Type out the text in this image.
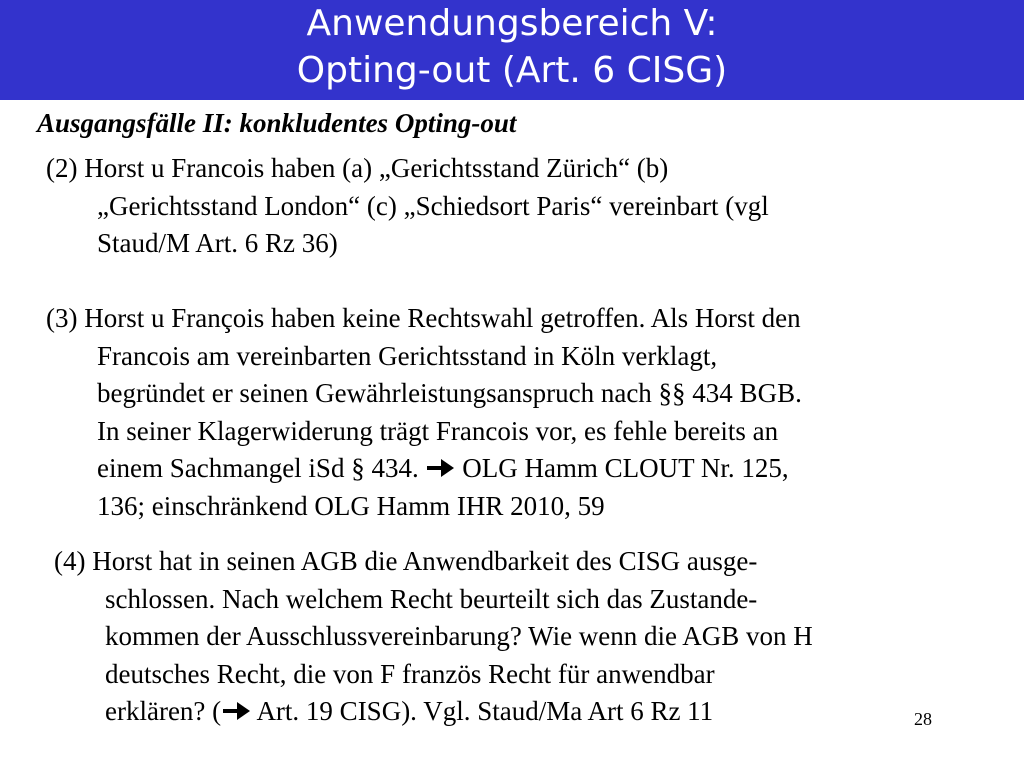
Anwendungsbereich V:
Opting-out (Art. 6 CISG)
Ausgangsfälle II: konkludentes Opting-out
(2) Horst u Francois haben (a) „Gerichtsstand Zürich“ (b)
„Gerichtsstand London“ (c) „Schiedsort Paris“ vereinbart (vgl
Staud/M Art. 6 Rz 36)
(3) Horst u François haben keine Rechtswahl getroffen. Als Horst den
Francois am vereinbarten Gerichtsstand in Köln verklagt,
begründet er seinen Gewährleistungsanspruch nach §§ 434 BGB.
In seiner Klagerwiderung trägt Francois vor, es fehle bereits an
einem Sachmangel iSd § 434. OLG Hamm CLOUT Nr. 125,
136; einschränkend OLG Hamm IHR 2010, 59
(4) Horst hat in seinen AGB die Anwendbarkeit des CISG ausge-
schlossen. Nach welchem Recht beurteilt sich das Zustande-
kommen der Ausschlussvereinbarung? Wie wenn die AGB von H
deutsches Recht, die von F französ Recht für anwendbar
erklären? ( Art. 19 CISG). Vgl. Staud/Ma Art 6 Rz 11	28
